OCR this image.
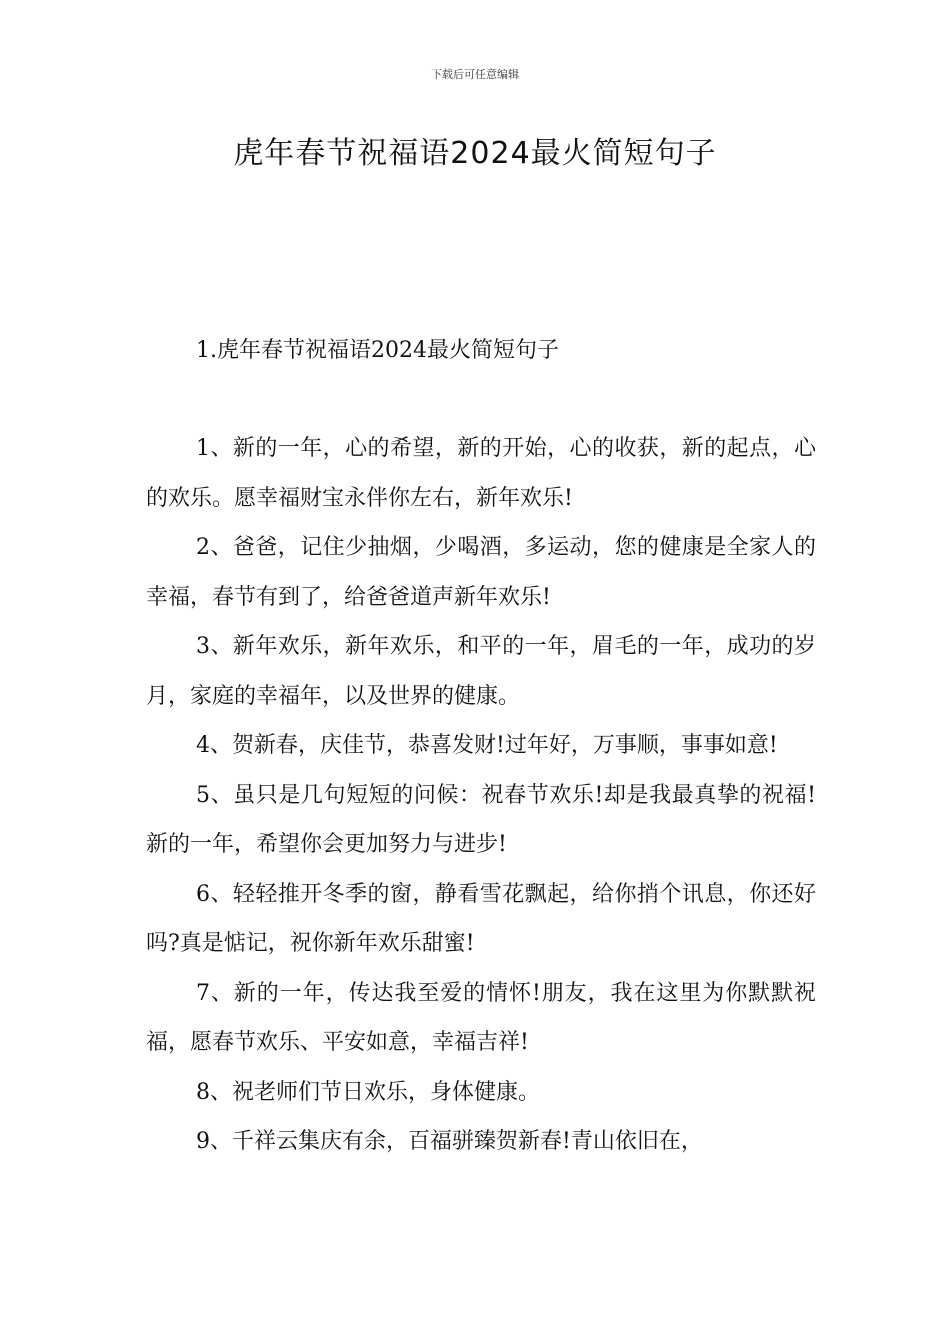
下载后可任意编辑
虎年春节祝福语2024最火简短句子
1.虎年春节祝福语2024最火简短句子

1、新的一年，心的希望，新的开始，心的收获，新的起点，心的欢乐。愿幸福财宝永伴你左右，新年欢乐!

2、爸爸，记住少抽烟，少喝酒，多运动，您的健康是全家人的幸福，春节有到了，给爸爸道声新年欢乐!

3、新年欢乐，新年欢乐，和平的一年，眉毛的一年，成功的岁月，家庭的幸福年，以及世界的健康。

4、贺新春，庆佳节，恭喜发财!过年好，万事顺，事事如意!

5、虽只是几句短短的问候：祝春节欢乐!却是我最真挚的祝福!新的一年，希望你会更加努力与进步!

6、轻轻推开冬季的窗，静看雪花飘起，给你捎个讯息，你还好吗?真是惦记，祝你新年欢乐甜蜜!

7、新的一年，传达我至爱的情怀!朋友，我在这里为你默默祝福，愿春节欢乐、平安如意，幸福吉祥!

8、祝老师们节日欢乐，身体健康。

9、千祥云集庆有余，百福骈臻贺新春!青山依旧在，
